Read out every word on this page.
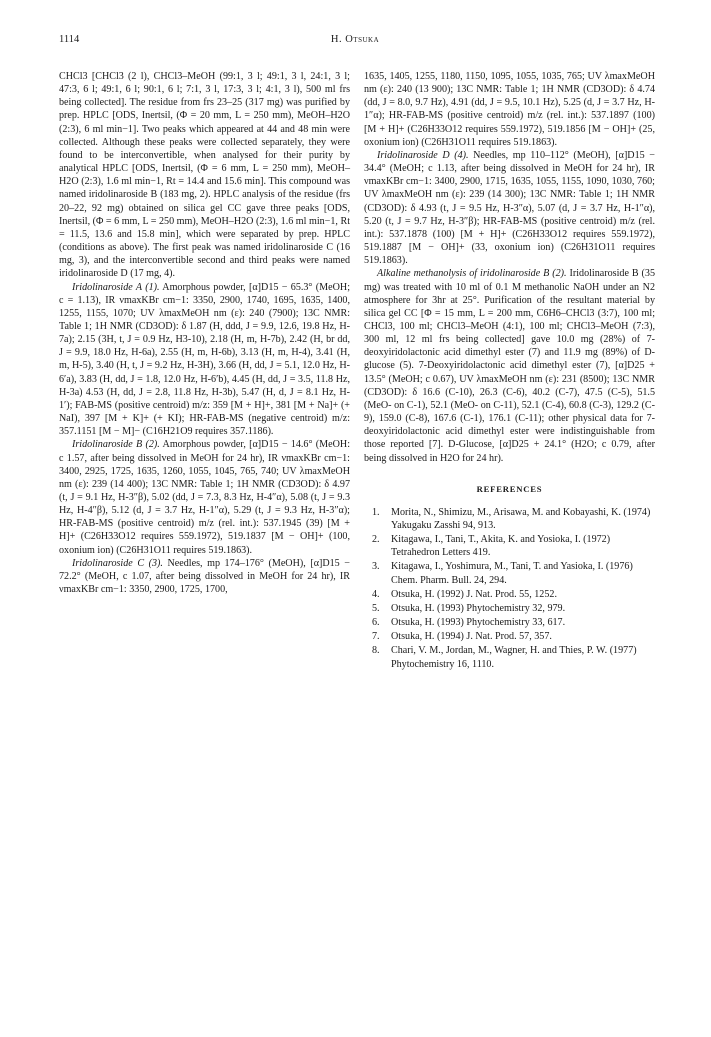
1114	H. Otsuka

CHCl3 [CHCl3 (2 l), CHCl3–MeOH (99:1, 3 l; 49:1, 3 l, 24:1, 3 l; 47:3, 6 l; 49:1, 6 l; 90:1, 6 l; 7:1, 3 l, 17:3, 3 l; 4:1, 3 l), 500 ml frs being collected]. The residue from frs 23–25 (317 mg) was purified by prep. HPLC [ODS, Inertsil, (Φ = 20 mm, L = 250 mm), MeOH–H2O (2:3), 6 ml min−1]. Two peaks which appeared at 44 and 48 min were collected. Although these peaks were collected separately, they were found to be interconvertible, when analysed for their purity by analytical HPLC [ODS, Inertsil, (Φ = 6 mm, L = 250 mm), MeOH–H2O (2:3), 1.6 ml min−1, Rt = 14.4 and 15.6 min]. This compound was named iridolinaroside B (183 mg, 2). HPLC analysis of the residue (frs 20–22, 92 mg) obtained on silica gel CC gave three peaks [ODS, Inertsil, (Φ = 6 mm, L = 250 mm), MeOH–H2O (2:3), 1.6 ml min−1, Rt = 11.5, 13.6 and 15.8 min], which were separated by prep. HPLC (conditions as above). The first peak was named iridolinaroside C (16 mg, 3), and the interconvertible second and third peaks were named iridolinaroside D (17 mg, 4).

Iridolinaroside A (1). Amorphous powder, [α]D15 − 65.3° (MeOH; c = 1.13), IR νmaxKBr cm−1: 3350, 2900, 1740, 1695, 1635, 1400, 1255, 1155, 1070; UV λmaxMeOH nm (ε): 240 (7900); 13C NMR: Table 1; 1H NMR (CD3OD): δ 1.87 (H, ddd, J = 9.9, 12.6, 19.8 Hz, H-7a); 2.15 (3H, t, J = 0.9 Hz, H3-10), 2.18 (H, m, H-7b), 2.42 (H, br dd, J = 9.9, 18.0 Hz, H-6a), 2.55 (H, m, H-6b), 3.13 (H, m, H-4), 3.41 (H, m, H-5), 3.40 (H, t, J = 9.2 Hz, H-3H), 3.66 (H, dd, J = 5.1, 12.0 Hz, H-6′a), 3.83 (H, dd, J = 1.8, 12.0 Hz, H-6′b), 4.45 (H, dd, J = 3.5, 11.8 Hz, H-3a) 4.53 (H, dd, J = 2.8, 11.8 Hz, H-3b), 5.47 (H, d, J = 8.1 Hz, H-1′); FAB-MS (positive centroid) m/z: 359 [M + H]+, 381 [M + Na]+ (+ NaI), 397 [M + K]+ (+ KI); HR-FAB-MS (negative centroid) m/z: 357.1151 [M − M]− (C16H21O9 requires 357.1186).

Iridolinaroside B (2). Amorphous powder, [α]D15 − 14.6° (MeOH: c 1.57, after being dissolved in MeOH for 24 hr), IR νmaxKBr cm−1: 3400, 2925, 1725, 1635, 1260, 1055, 1045, 765, 740; UV λmaxMeOH nm (ε): 239 (14 400); 13C NMR: Table 1; 1H NMR (CD3OD): δ 4.97 (t, J = 9.1 Hz, H-3″β), 5.02 (dd, J = 7.3, 8.3 Hz, H-4″α), 5.08 (t, J = 9.3 Hz, H-4″β), 5.12 (d, J = 3.7 Hz, H-1″α), 5.29 (t, J = 9.3 Hz, H-3″α); HR-FAB-MS (positive centroid) m/z (rel. int.): 537.1945 (39) [M + H]+ (C26H33O12 requires 559.1972), 519.1837 [M − OH]+ (100, oxonium ion) (C26H31O11 requires 519.1863).

Iridolinaroside C (3). Needles, mp 174–176° (MeOH), [α]D15 − 72.2° (MeOH, c 1.07, after being dissolved in MeOH for 24 hr), IR νmaxKBr cm−1: 3350, 2900, 1725, 1700,

1635, 1405, 1255, 1180, 1150, 1095, 1055, 1035, 765; UV λmaxMeOH nm (ε): 240 (13 900); 13C NMR: Table 1; 1H NMR (CD3OD): δ 4.74 (dd, J = 8.0, 9.7 Hz), 4.91 (dd, J = 9.5, 10.1 Hz), 5.25 (d, J = 3.7 Hz, H-1″α); HR-FAB-MS (positive centroid) m/z (rel. int.): 537.1897 (100) [M + H]+ (C26H33O12 requires 559.1972), 519.1856 [M − OH]+ (25, oxonium ion) (C26H31O11 requires 519.1863).

Iridolinaroside D (4). Needles, mp 110–112° (MeOH), [α]D15 − 34.4° (MeOH; c 1.13, after being dissolved in MeOH for 24 hr), IR νmaxKBr cm−1: 3400, 2900, 1715, 1635, 1055, 1155, 1090, 1030, 760; UV λmaxMeOH nm (ε): 239 (14 300); 13C NMR: Table 1; 1H NMR (CD3OD): δ 4.93 (t, J = 9.5 Hz, H-3″α), 5.07 (d, J = 3.7 Hz, H-1″α), 5.20 (t, J = 9.7 Hz, H-3″β); HR-FAB-MS (positive centroid) m/z (rel. int.): 537.1878 (100) [M + H]+ (C26H33O12 requires 559.1972), 519.1887 [M − OH]+ (33, oxonium ion) (C26H31O11 requires 519.1863).

Alkaline methanolysis of iridolinaroside B (2). Iridolinaroside B (35 mg) was treated with 10 ml of 0.1 M methanolic NaOH under an N2 atmosphere for 3hr at 25°. Purification of the resultant material by silica gel CC [Φ = 15 mm, L = 200 mm, C6H6–CHCl3 (3:7), 100 ml; CHCl3, 100 ml; CHCl3–MeOH (4:1), 100 ml; CHCl3–MeOH (7:3), 300 ml, 12 ml frs being collected] gave 10.0 mg (28%) of 7-deoxyiridolactonic acid dimethyl ester (7) and 11.9 mg (89%) of D-glucose (5). 7-Deoxyiridolactonic acid dimethyl ester (7), [α]D25 + 13.5° (MeOH; c 0.67), UV λmaxMeOH nm (ε): 231 (8500); 13C NMR (CD3OD): δ 16.6 (C-10), 26.3 (C-6), 40.2 (C-7), 47.5 (C-5), 51.5 (MeO- on C-1), 52.1 (MeO- on C-11), 52.1 (C-4), 60.8 (C-3), 129.2 (C-9), 159.0 (C-8), 167.6 (C-1), 176.1 (C-11); other physical data for 7-deoxyiridolactonic acid dimethyl ester were indistinguishable from those reported [7]. D-Glucose, [α]D25 + 24.1° (H2O; c 0.79, after being dissolved in H2O for 24 hr).

REFERENCES
1. Morita, N., Shimizu, M., Arisawa, M. and Kobayashi, K. (1974) Yakugaku Zasshi 94, 913.
2. Kitagawa, I., Tani, T., Akita, K. and Yosioka, I. (1972) Tetrahedron Letters 419.
3. Kitagawa, I., Yoshimura, M., Tani, T. and Yasioka, I. (1976) Chem. Pharm. Bull. 24, 294.
4. Otsuka, H. (1992) J. Nat. Prod. 55, 1252.
5. Otsuka, H. (1993) Phytochemistry 32, 979.
6. Otsuka, H. (1993) Phytochemistry 33, 617.
7. Otsuka, H. (1994) J. Nat. Prod. 57, 357.
8. Chari, V. M., Jordan, M., Wagner, H. and Thies, P. W. (1977) Phytochemistry 16, 1110.
